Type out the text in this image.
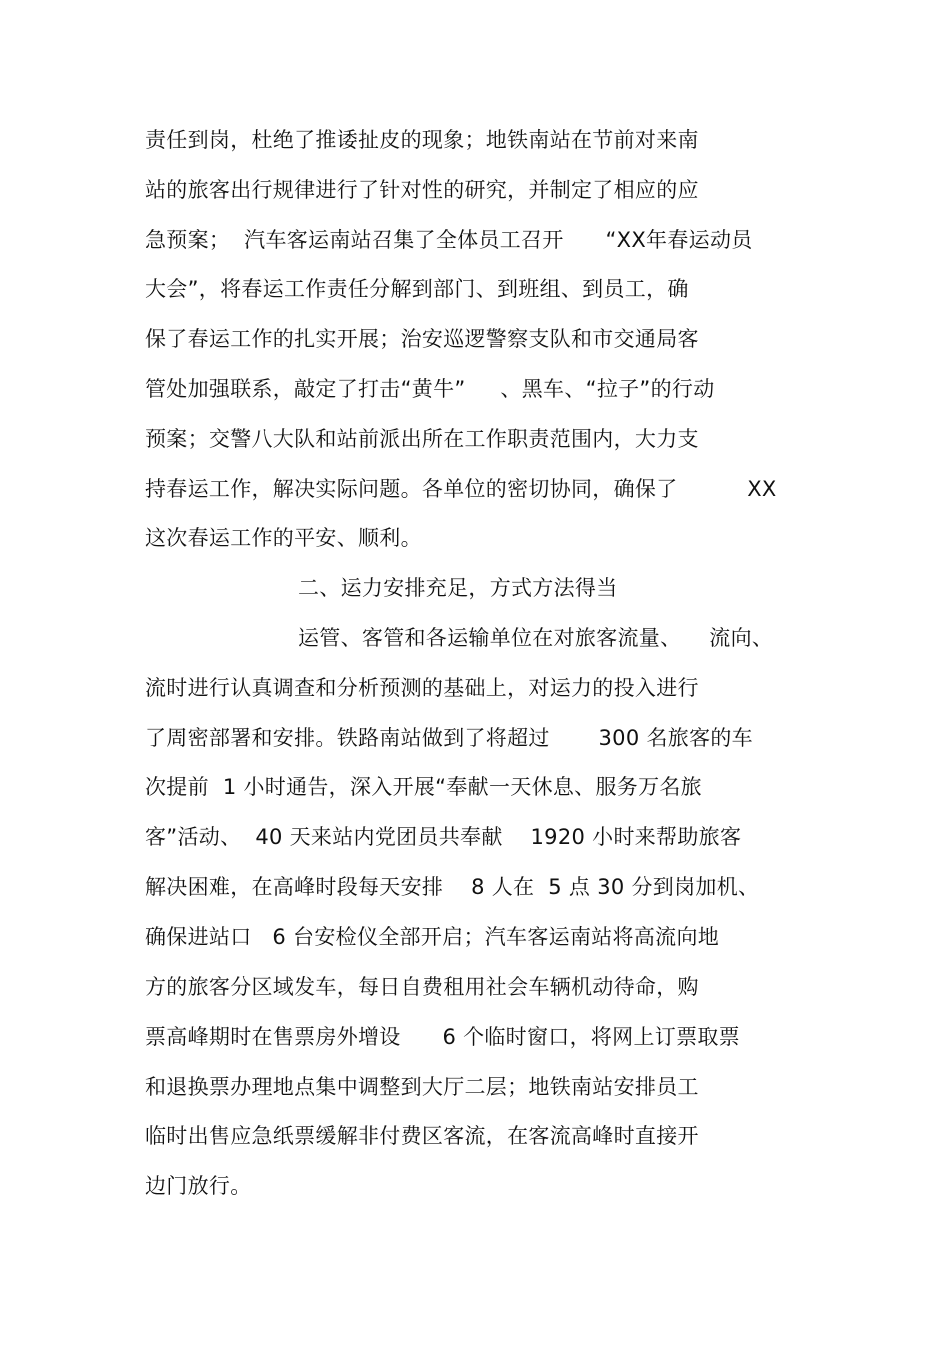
责任到岗，杜绝了推诿扯皮的现象；地铁南站在节前对来南
站的旅客出行规律进行了针对性的研究，并制定了相应的应
急预案；  汽车客运南站召集了全体员工召开      “XX年春运动员
大会”，将春运工作责任分解到部门、到班组、到员工，确
保了春运工作的扎实开展；治安巡逻警察支队和市交通局客
管处加强联系，敲定了打击“黄牛”     、黑车、“拉子”的行动
预案；交警八大队和站前派出所在工作职责范围内，大力支
持春运工作，解决实际问题。各单位的密切协同，确保了          XX
这次春运工作的平安、顺利。
二、运力安排充足，方式方法得当
运管、客管和各运输单位在对旅客流量、    流向、
流时进行认真调查和分析预测的基础上，对运力的投入进行
了周密部署和安排。铁路南站做到了将超过       300 名旅客的车
次提前  1 小时通告，深入开展“奉献一天休息、服务万名旅
客”活动、  40 天来站内党团员共奉献    1920 小时来帮助旅客
解决困难，在高峰时段每天安排    8 人在  5 点 30 分到岗加机、
确保进站口   6 台安检仪全部开启；汽车客运南站将高流向地
方的旅客分区域发车，每日自费租用社会车辆机动待命，购
票高峰期时在售票房外增设      6 个临时窗口，将网上订票取票
和退换票办理地点集中调整到大厅二层；地铁南站安排员工
临时出售应急纸票缓解非付费区客流，在客流高峰时直接开
边门放行。
